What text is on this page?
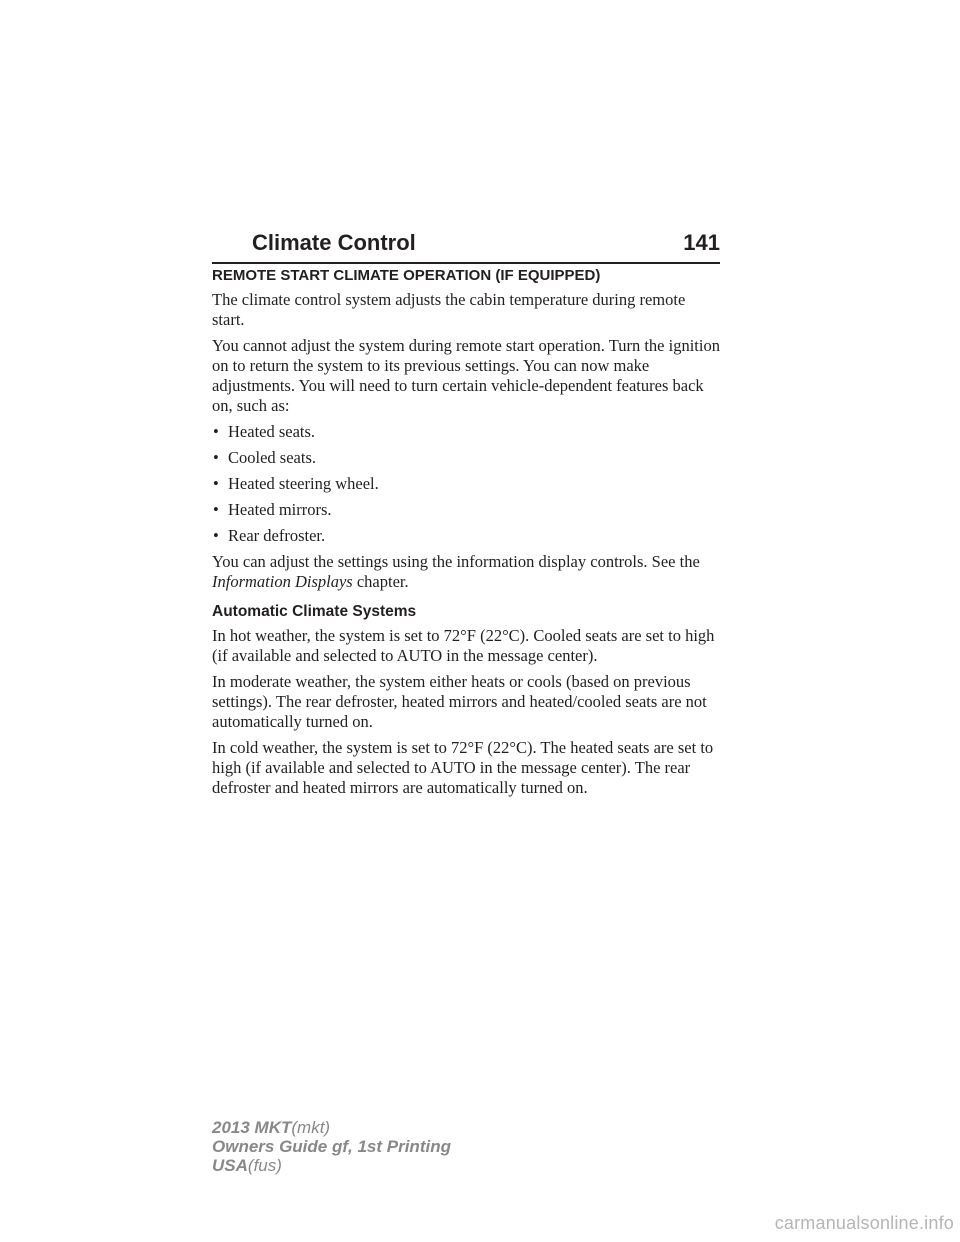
Climate Control	141
REMOTE START CLIMATE OPERATION (IF EQUIPPED)
The climate control system adjusts the cabin temperature during remote start.
You cannot adjust the system during remote start operation. Turn the ignition on to return the system to its previous settings. You can now make adjustments. You will need to turn certain vehicle-dependent features back on, such as:
• Heated seats.
• Cooled seats.
• Heated steering wheel.
• Heated mirrors.
• Rear defroster.
You can adjust the settings using the information display controls. See the Information Displays chapter.
Automatic Climate Systems
In hot weather, the system is set to 72°F (22°C). Cooled seats are set to high (if available and selected to AUTO in the message center).
In moderate weather, the system either heats or cools (based on previous settings). The rear defroster, heated mirrors and heated/cooled seats are not automatically turned on.
In cold weather, the system is set to 72°F (22°C). The heated seats are set to high (if available and selected to AUTO in the message center). The rear defroster and heated mirrors are automatically turned on.
2013 MKT(mkt)
Owners Guide gf, 1st Printing
USA(fus)
carmanualsonline.info
